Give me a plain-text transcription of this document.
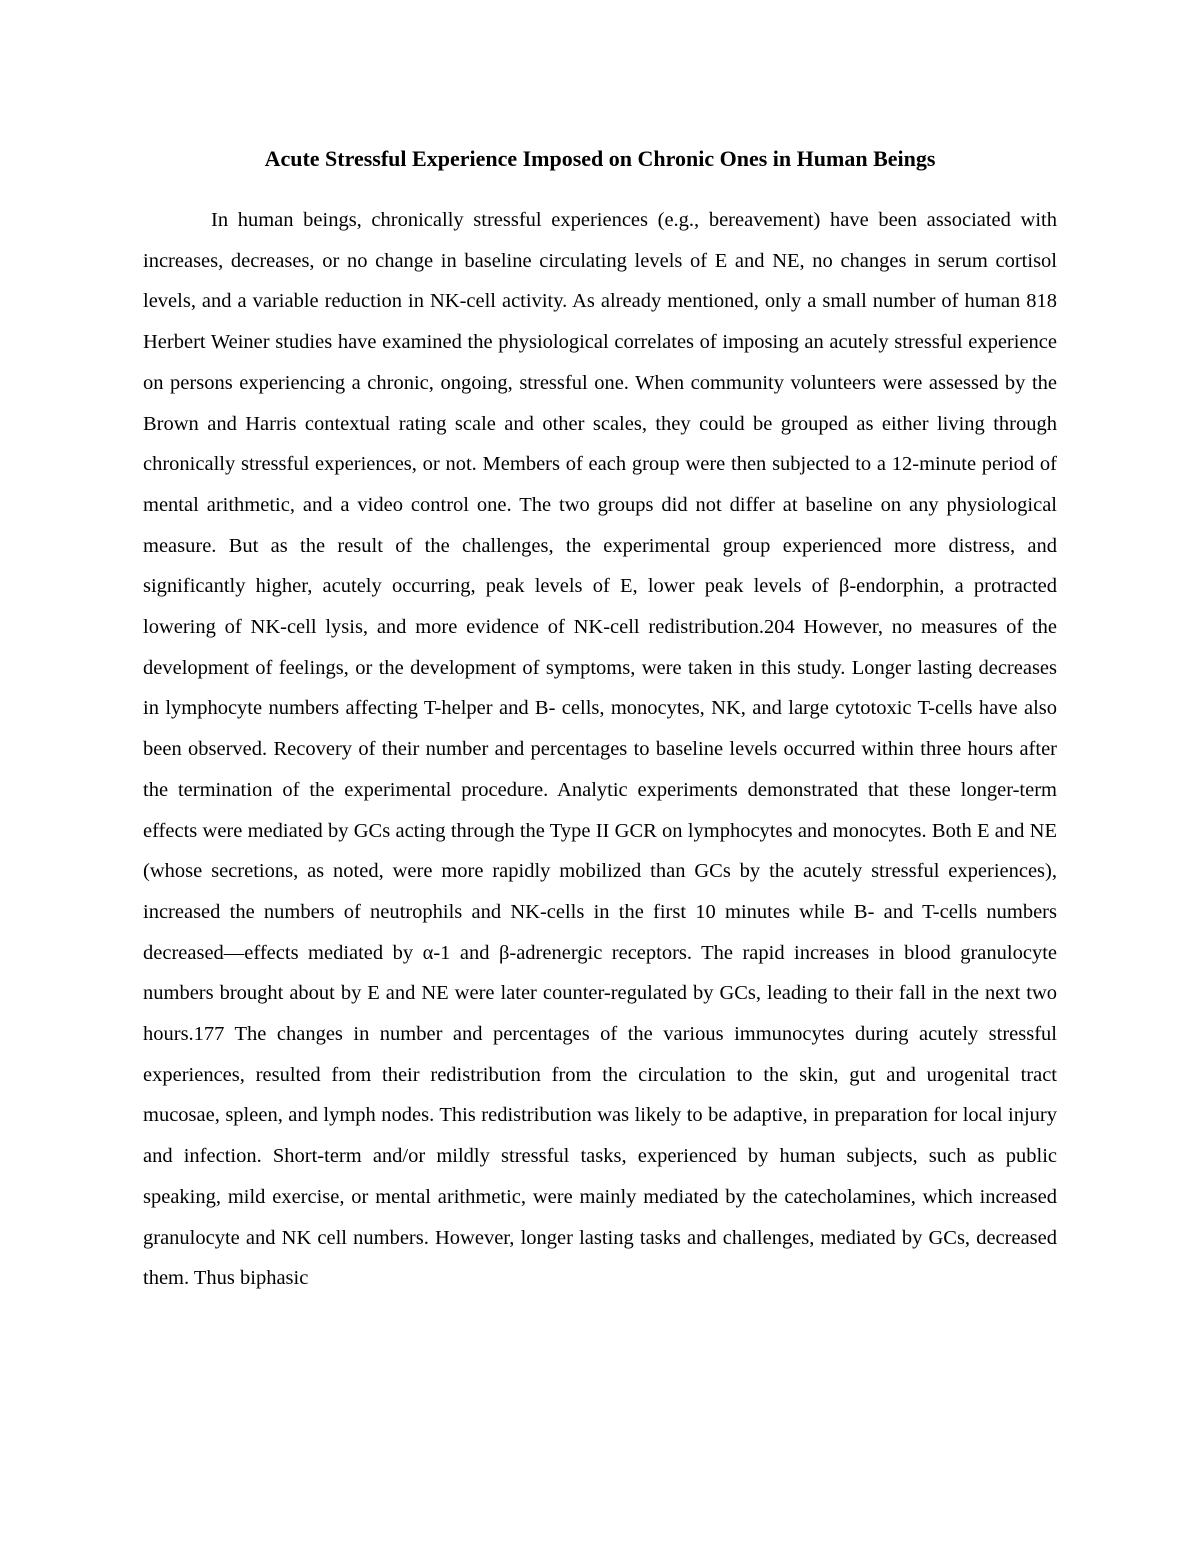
Acute Stressful Experience Imposed on Chronic Ones in Human Beings

In human beings, chronically stressful experiences (e.g., bereavement) have been associated with increases, decreases, or no change in baseline circulating levels of E and NE, no changes in serum cortisol levels, and a variable reduction in NK-cell activity. As already mentioned, only a small number of human 818 Herbert Weiner studies have examined the physiological correlates of imposing an acutely stressful experience on persons experiencing a chronic, ongoing, stressful one. When community volunteers were assessed by the Brown and Harris contextual rating scale and other scales, they could be grouped as either living through chronically stressful experiences, or not. Members of each group were then subjected to a 12-minute period of mental arithmetic, and a video control one. The two groups did not differ at baseline on any physiological measure. But as the result of the challenges, the experimental group experienced more distress, and significantly higher, acutely occurring, peak levels of E, lower peak levels of β-endorphin, a protracted lowering of NK-cell lysis, and more evidence of NK-cell redistribution.204 However, no measures of the development of feelings, or the development of symptoms, were taken in this study. Longer lasting decreases in lymphocyte numbers affecting T-helper and B- cells, monocytes, NK, and large cytotoxic T-cells have also been observed. Recovery of their number and percentages to baseline levels occurred within three hours after the termination of the experimental procedure. Analytic experiments demonstrated that these longer-term effects were mediated by GCs acting through the Type II GCR on lymphocytes and monocytes. Both E and NE (whose secretions, as noted, were more rapidly mobilized than GCs by the acutely stressful experiences), increased the numbers of neutrophils and NK-cells in the first 10 minutes while B- and T-cells numbers decreased—effects mediated by α-1 and β-adrenergic receptors. The rapid increases in blood granulocyte numbers brought about by E and NE were later counter-regulated by GCs, leading to their fall in the next two hours.177 The changes in number and percentages of the various immunocytes during acutely stressful experiences, resulted from their redistribution from the circulation to the skin, gut and urogenital tract mucosae, spleen, and lymph nodes. This redistribution was likely to be adaptive, in preparation for local injury and infection. Short-term and/or mildly stressful tasks, experienced by human subjects, such as public speaking, mild exercise, or mental arithmetic, were mainly mediated by the catecholamines, which increased granulocyte and NK cell numbers. However, longer lasting tasks and challenges, mediated by GCs, decreased them. Thus biphasic
